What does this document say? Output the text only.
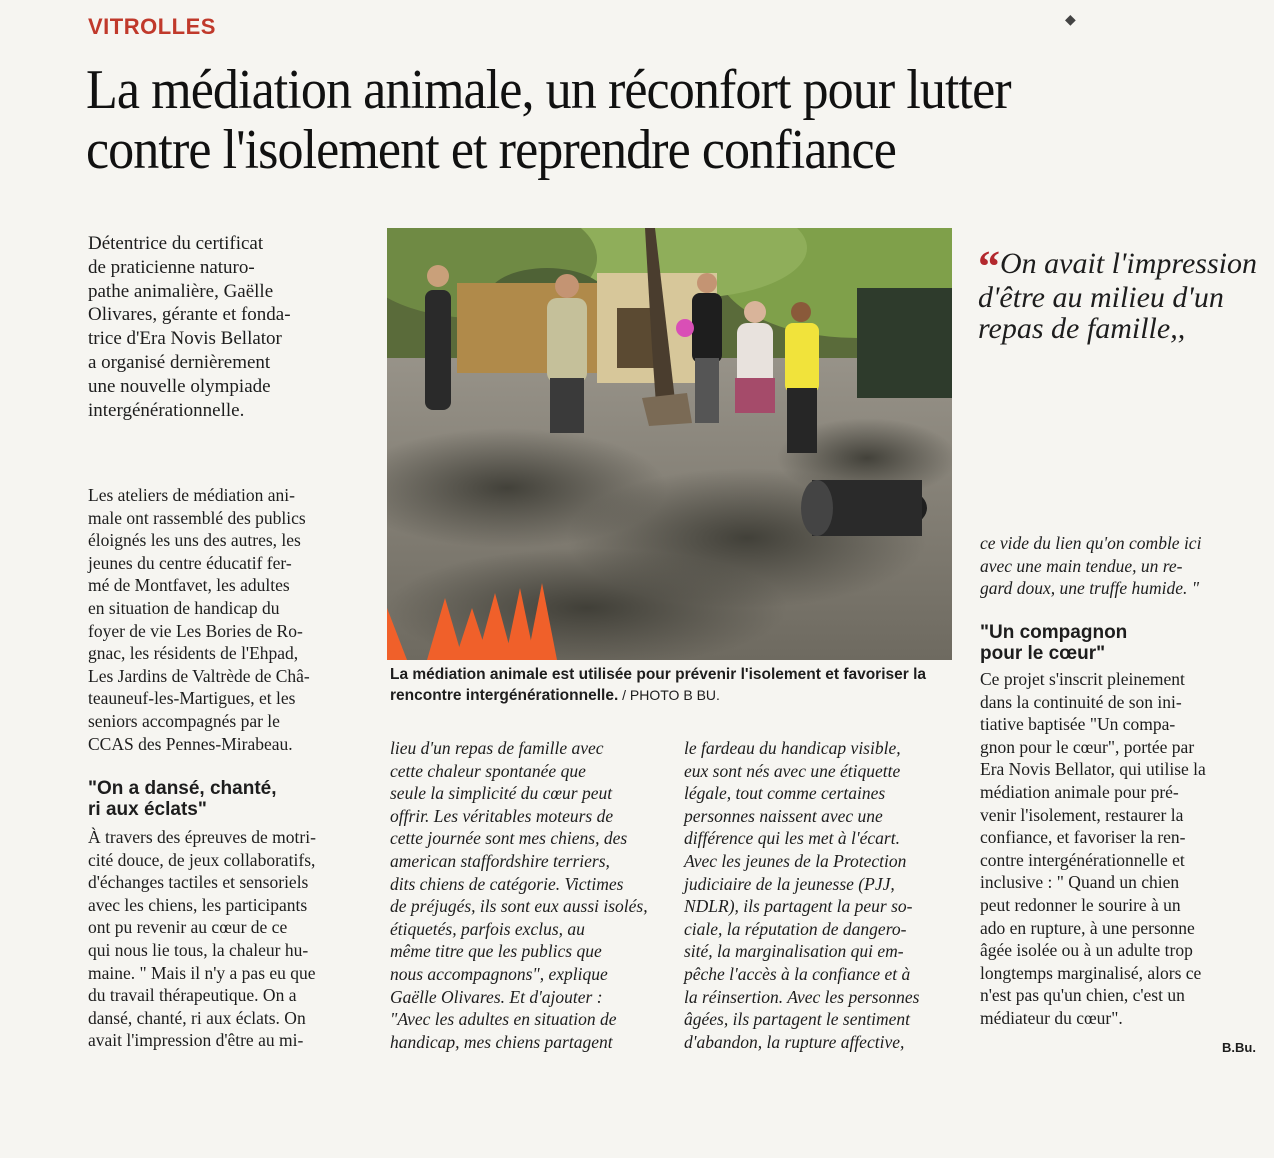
◆
VITROLLES
La médiation animale, un réconfort pour lutter
contre l'isolement et reprendre confiance
Détentrice du certificat
de praticienne naturo-
pathe animalière, Gaëlle
Olivares, gérante et fonda-
trice d'Era Novis Bellator
a organisé dernièrement
une nouvelle olympiade
intergénérationnelle.
Les ateliers de médiation ani-
male ont rassemblé des publics
éloignés les uns des autres, les
jeunes du centre éducatif fer-
mé de Montfavet, les adultes
en situation de handicap du
foyer de vie Les Bories de Ro-
gnac, les résidents de l'Ehpad,
Les Jardins de Valtrède de Châ-
teauneuf-les-Martigues, et les
seniors accompagnés par le
CCAS des Pennes-Mirabeau.
"On a dansé, chanté,
ri aux éclats"
À travers des épreuves de motri-
cité douce, de jeux collaboratifs,
d'échanges tactiles et sensoriels
avec les chiens, les participants
ont pu revenir au cœur de ce
qui nous lie tous, la chaleur hu-
maine. " Mais il n'y a pas eu que
du travail thérapeutique. On a
dansé, chanté, ri aux éclats. On
avait l'impression d'être au mi-
La médiation animale est utilisée pour prévenir l'isolement et favoriser la rencontre intergénérationnelle. / PHOTO B BU.
lieu d'un repas de famille avec
cette chaleur spontanée que
seule la simplicité du cœur peut
offrir. Les véritables moteurs de
cette journée sont mes chiens, des
american staffordshire terriers,
dits chiens de catégorie. Victimes
de préjugés, ils sont eux aussi isolés,
étiquetés, parfois exclus, au
même titre que les publics que
nous accompagnons", explique
Gaëlle Olivares. Et d'ajouter :
"Avec les adultes en situation de
handicap, mes chiens partagent
le fardeau du handicap visible,
eux sont nés avec une étiquette
légale, tout comme certaines
personnes naissent avec une
différence qui les met à l'écart.
Avec les jeunes de la Protection
judiciaire de la jeunesse (PJJ,
NDLR), ils partagent la peur so-
ciale, la réputation de dangero-
sité, la marginalisation qui em-
pêche l'accès à la confiance et à
la réinsertion. Avec les personnes
âgées, ils partagent le sentiment
d'abandon, la rupture affective,
“On avait l'impression d'être au milieu d'un repas de famille,,
ce vide du lien qu'on comble ici
avec une main tendue, un re-
gard doux, une truffe humide. "
"Un compagnon
pour le cœur"
Ce projet s'inscrit pleinement
dans la continuité de son ini-
tiative baptisée "Un compa-
gnon pour le cœur", portée par
Era Novis Bellator, qui utilise la
médiation animale pour pré-
venir l'isolement, restaurer la
confiance, et favoriser la ren-
contre intergénérationnelle et
inclusive : " Quand un chien
peut redonner le sourire à un
ado en rupture, à une personne
âgée isolée ou à un adulte trop
longtemps marginalisé, alors ce
n'est pas qu'un chien, c'est un
médiateur du cœur".
B.Bu.
